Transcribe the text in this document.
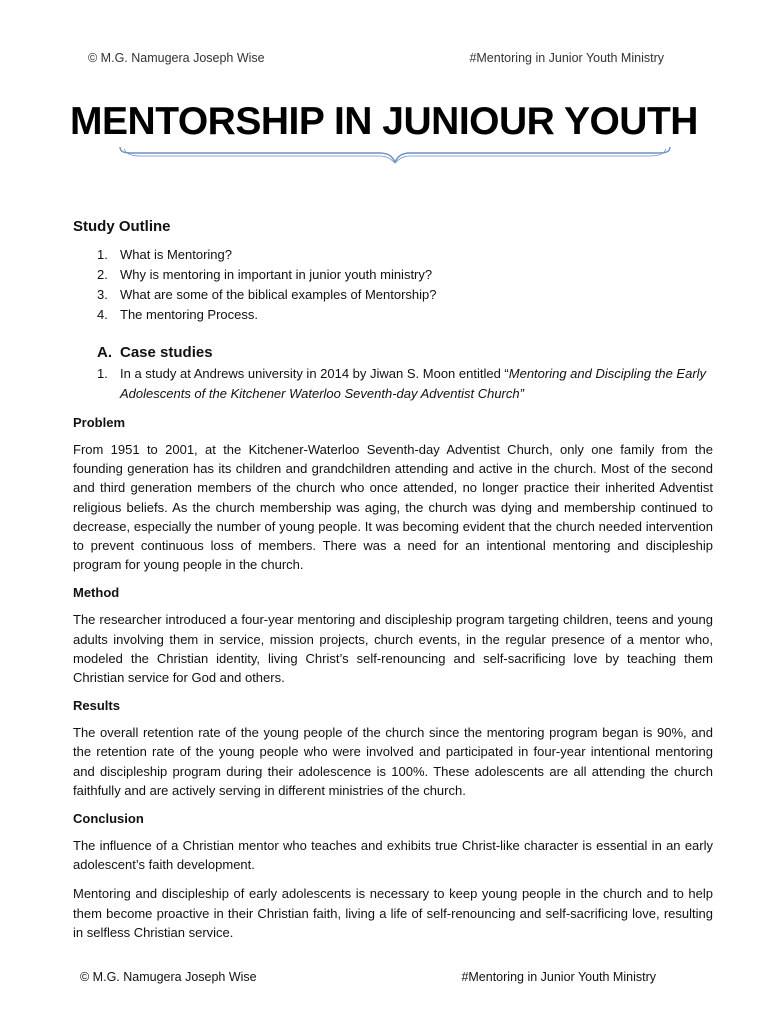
© M.G. Namugera Joseph Wise	#Mentoring in Junior Youth Ministry
MENTORSHIP IN JUNIOUR YOUTH
Study Outline
1. What is Mentoring?
2. Why is mentoring in important in junior youth ministry?
3. What are some of the biblical examples of Mentorship?
4. The mentoring Process.
A. Case studies
1. In a study at Andrews university in 2014 by Jiwan S. Moon entitled “Mentoring and Discipling the Early Adolescents of the Kitchener Waterloo Seventh-day Adventist Church”
Problem

From 1951 to 2001, at the Kitchener-Waterloo Seventh-day Adventist Church, only one family from the founding generation has its children and grandchildren attending and active in the church. Most of the second and third generation members of the church who once attended, no longer practice their inherited Adventist religious beliefs. As the church membership was aging, the church was dying and membership continued to decrease, especially the number of young people. It was becoming evident that the church needed intervention to prevent continuous loss of members. There was a need for an intentional mentoring and discipleship program for young people in the church.

Method

The researcher introduced a four-year mentoring and discipleship program targeting children, teens and young adults involving them in service, mission projects, church events, in the regular presence of a mentor who, modeled the Christian identity, living Christ’s self-renouncing and self-sacrificing love by teaching them Christian service for God and others.

Results

The overall retention rate of the young people of the church since the mentoring program began is 90%, and the retention rate of the young people who were involved and participated in four-year intentional mentoring and discipleship program during their adolescence is 100%. These adolescents are all attending the church faithfully and are actively serving in different ministries of the church.

Conclusion

The influence of a Christian mentor who teaches and exhibits true Christ-like character is essential in an early adolescent’s faith development.

Mentoring and discipleship of early adolescents is necessary to keep young people in the church and to help them become proactive in their Christian faith, living a life of self-renouncing and self-sacrificing love, resulting in selfless Christian service.

© M.G. Namugera Joseph Wise	#Mentoring in Junior Youth Ministry
